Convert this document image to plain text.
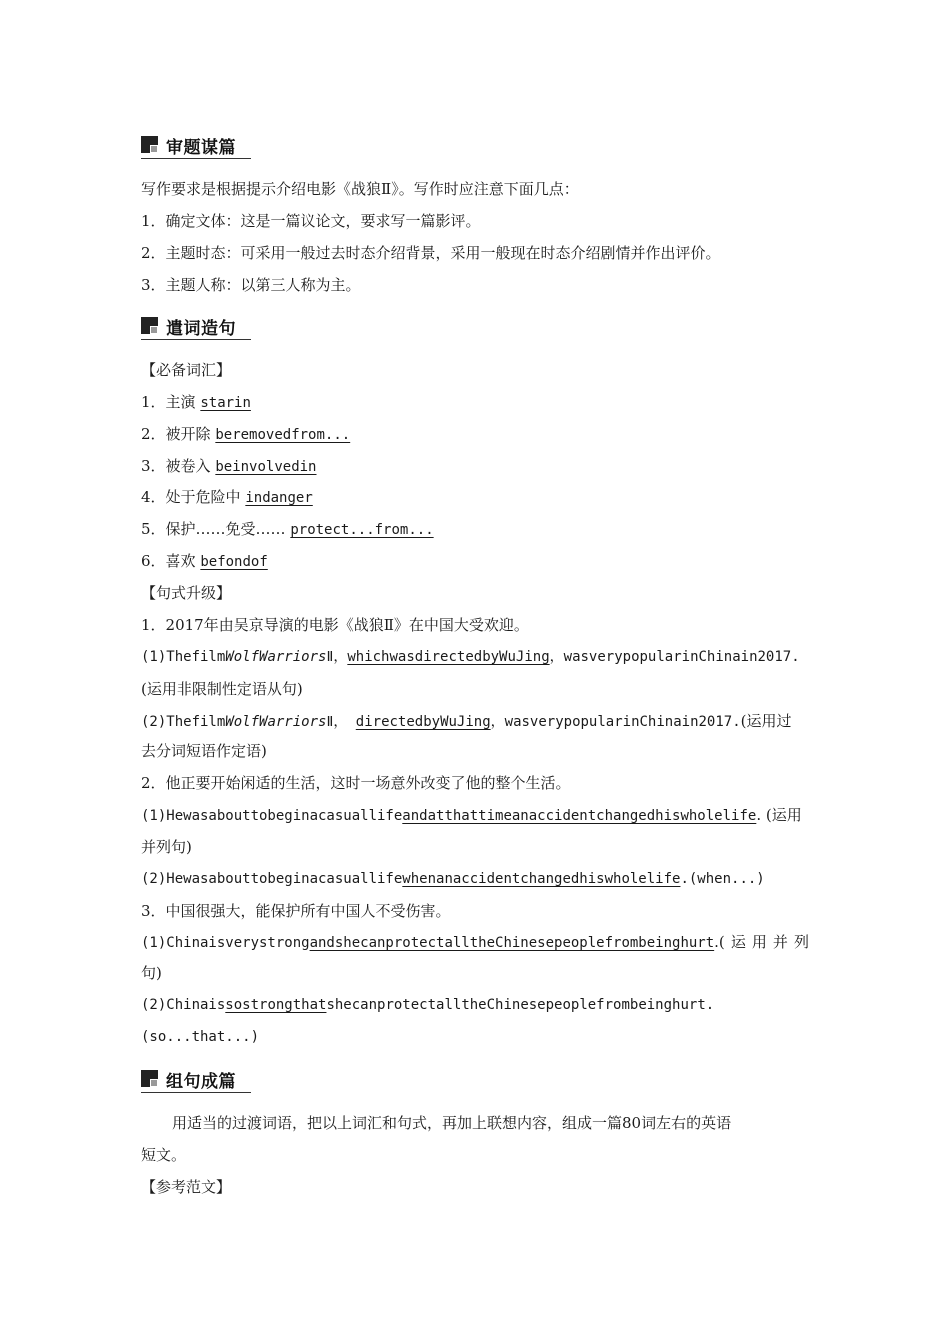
审题谋篇
写作要求是根据提示介绍电影《战狼Ⅱ》。写作时应注意下面几点：
1．确定文体：这是一篇议论文，要求写一篇影评。
2．主题时态：可采用一般过去时态介绍背景，采用一般现在时态介绍剧情并作出评价。
3．主题人称：以第三人称为主。
遣词造句
【必备词汇】
1．主演 starin
2．被开除 beremovedfrom...
3．被卷入 beinvolvedin
4．处于危险中 indanger
5．保护……免受…… protect...from...
6．喜欢 befondof
【句式升级】
1．2017年由吴京导演的电影《战狼Ⅱ》在中国大受欢迎。
(1)ThefilmWolfWarriorsⅡ，whichwasdirectedbyWuJing，wasverypopularinChinain2017.
(运用非限制性定语从句)
(2)ThefilmWolfWarriorsⅡ， directedbyWuJing，wasverypopularinChinain2017.(运用过
去分词短语作定语)
2．他正要开始闲适的生活，这时一场意外改变了他的整个生活。
(1)Hewasabouttobeginacasuallifeandatthattimeanaccidentchangedhiswholelife. (运用
并列句)
(2)Hewasabouttobeginacasuallifewhenanaccidentchangedhiswholelife.(when...)
3．中国很强大，能保护所有中国人不受伤害。
(1)ChinaisverystrongandshecanprotectalltheChinesepeoplefrombeinghurt.( 运 用 并 列
句)
(2)ChinaissostrongthatshecanprotectalltheChinesepeoplefrombeinghurt.
(so...that...)
组句成篇
用适当的过渡词语，把以上词汇和句式，再加上联想内容，组成一篇80词左右的英语
短文。
【参考范文】
